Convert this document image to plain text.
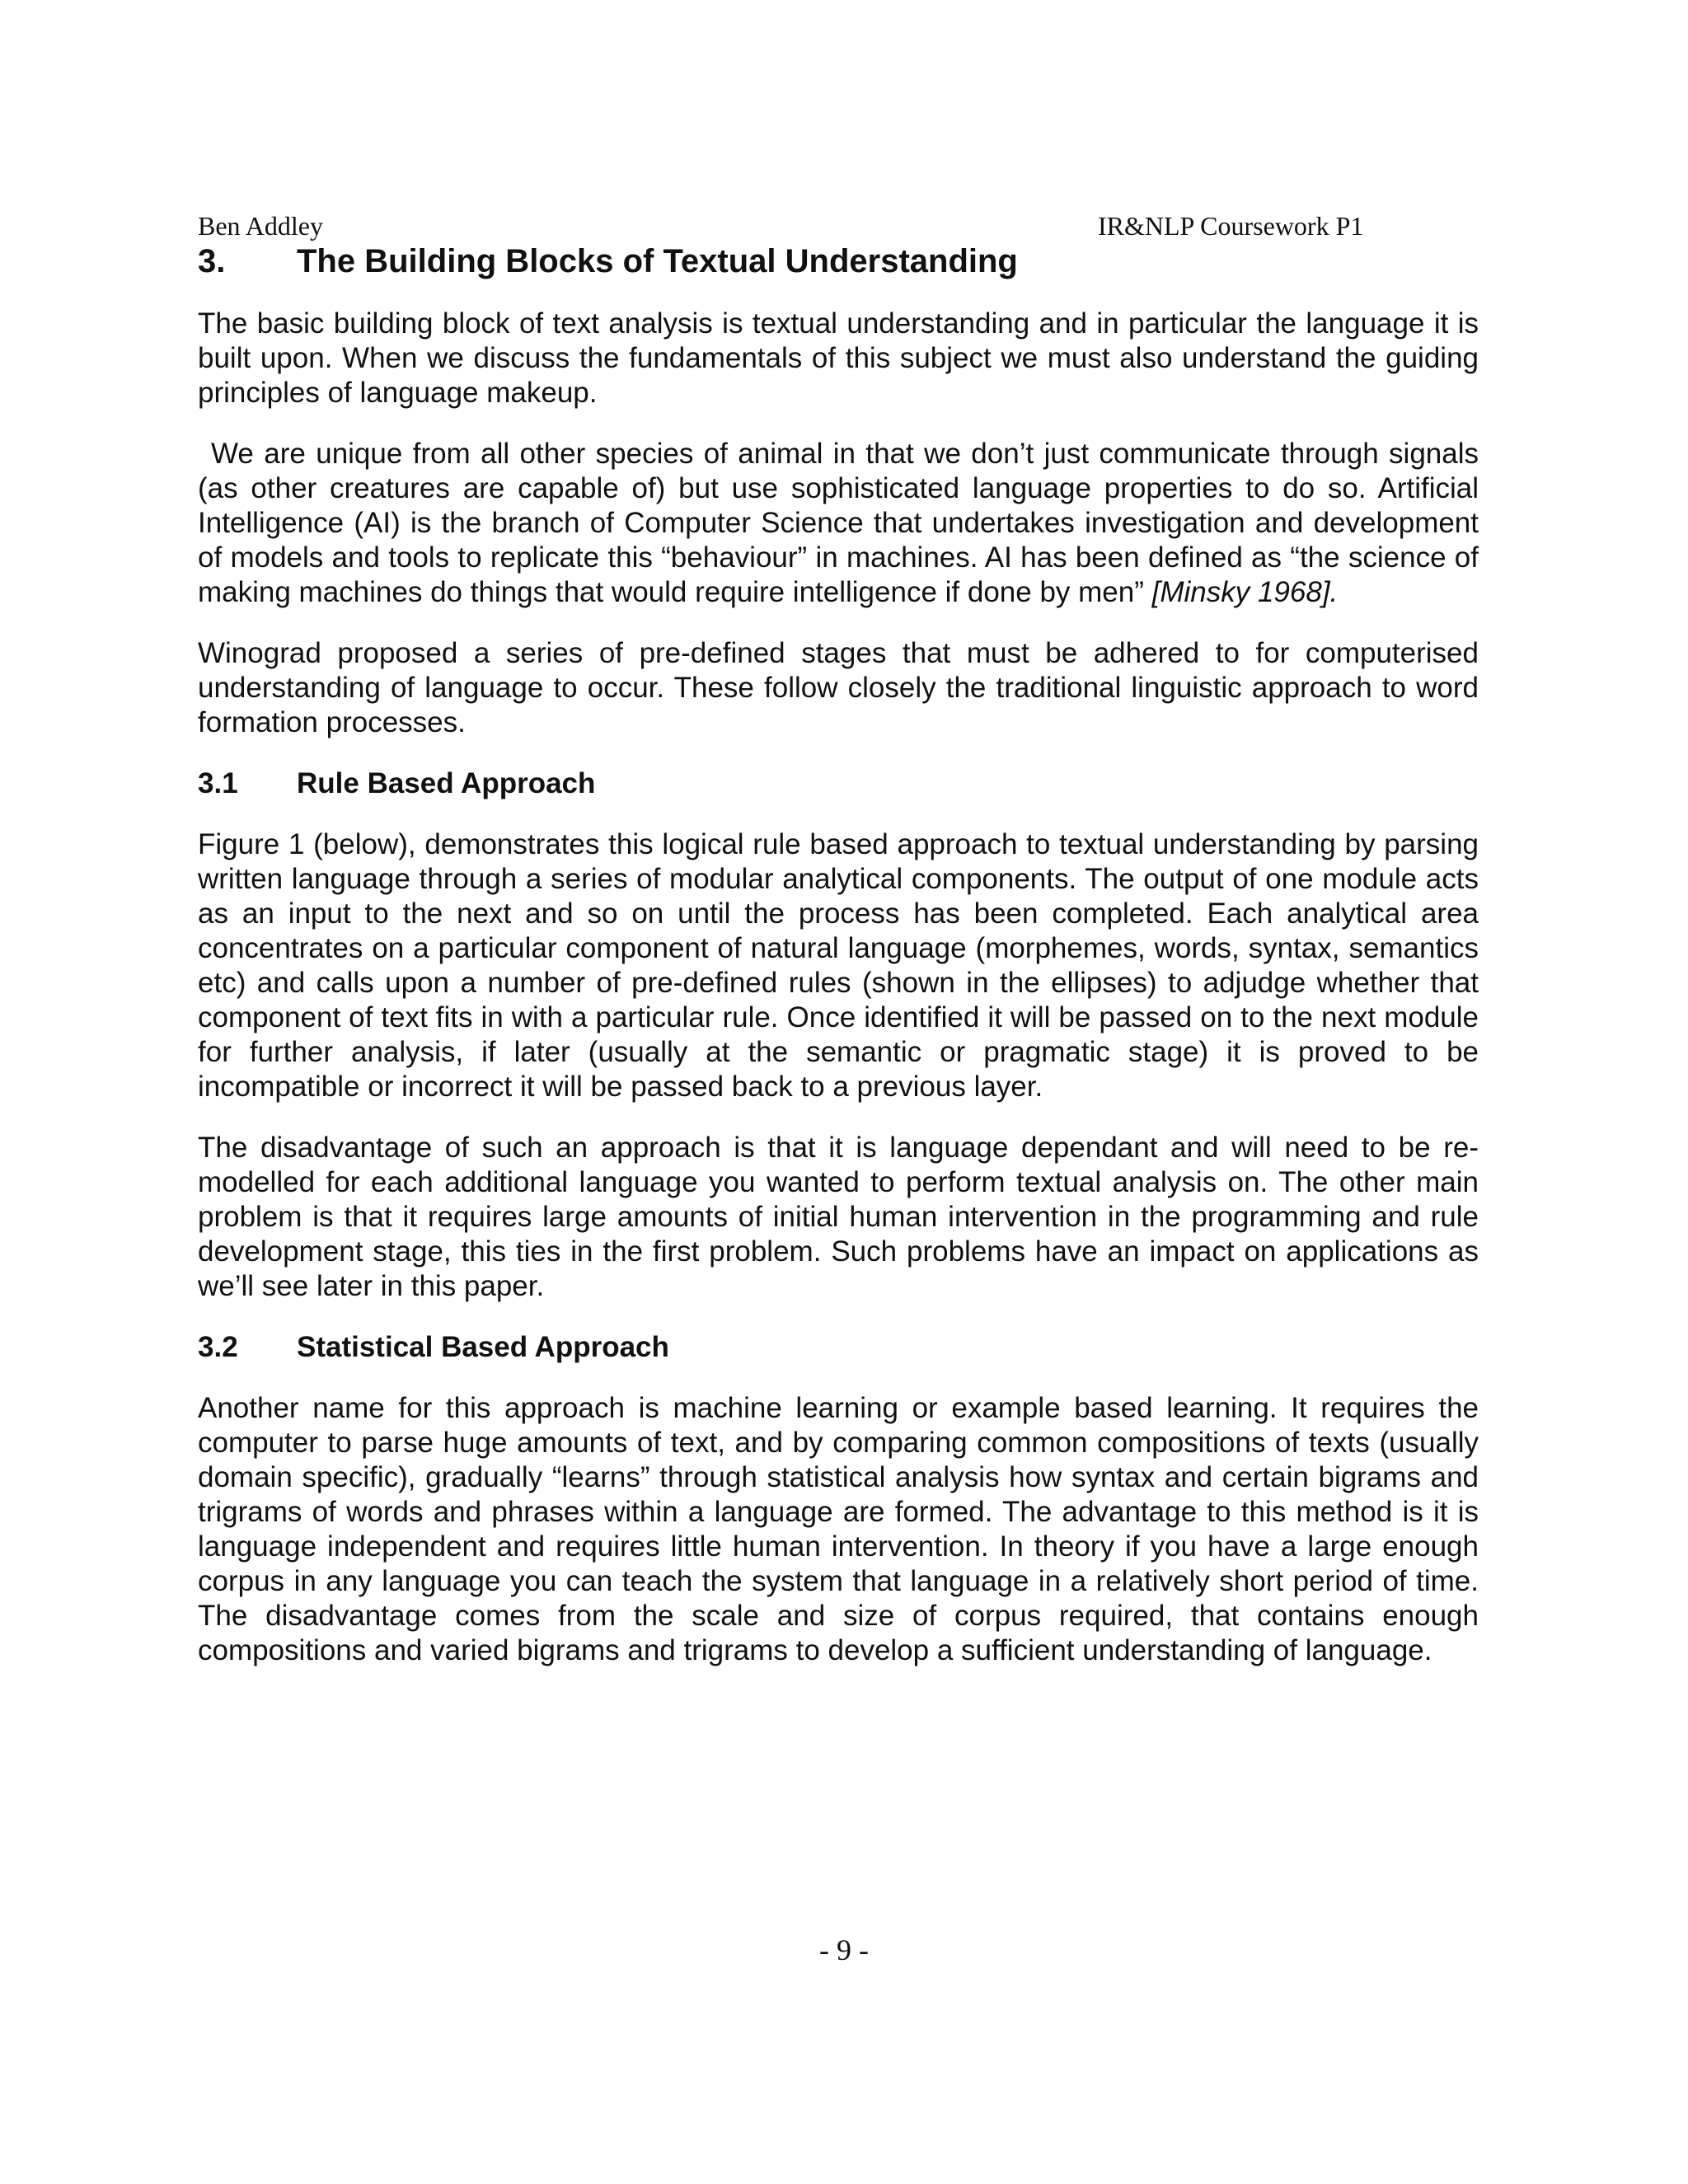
Ben Addley	IR&NLP Coursework P1
3. The Building Blocks of Textual Understanding

The basic building block of text analysis is textual understanding and in particular the language it is built upon. When we discuss the fundamentals of this subject we must also understand the guiding principles of language makeup.

We are unique from all other species of animal in that we don’t just communicate through signals (as other creatures are capable of) but use sophisticated language properties to do so. Artificial Intelligence (AI) is the branch of Computer Science that undertakes investigation and development of models and tools to replicate this “behaviour” in machines. AI has been defined as “the science of making machines do things that would require intelligence if done by men” [Minsky 1968].

Winograd proposed a series of pre-defined stages that must be adhered to for computerised understanding of language to occur. These follow closely the traditional linguistic approach to word formation processes.

3.1 Rule Based Approach

Figure 1 (below), demonstrates this logical rule based approach to textual understanding by parsing written language through a series of modular analytical components. The output of one module acts as an input to the next and so on until the process has been completed. Each analytical area concentrates on a particular component of natural language (morphemes, words, syntax, semantics etc) and calls upon a number of pre-defined rules (shown in the ellipses) to adjudge whether that component of text fits in with a particular rule. Once identified it will be passed on to the next module for further analysis, if later (usually at the semantic or pragmatic stage) it is proved to be incompatible or incorrect it will be passed back to a previous layer.

The disadvantage of such an approach is that it is language dependant and will need to be re-modelled for each additional language you wanted to perform textual analysis on. The other main problem is that it requires large amounts of initial human intervention in the programming and rule development stage, this ties in the first problem. Such problems have an impact on applications as we’ll see later in this paper.

3.2 Statistical Based Approach

Another name for this approach is machine learning or example based learning. It requires the computer to parse huge amounts of text, and by comparing common compositions of texts (usually domain specific), gradually “learns” through statistical analysis how syntax and certain bigrams and trigrams of words and phrases within a language are formed. The advantage to this method is it is language independent and requires little human intervention. In theory if you have a large enough corpus in any language you can teach the system that language in a relatively short period of time. The disadvantage comes from the scale and size of corpus required, that contains enough compositions and varied bigrams and trigrams to develop a sufficient understanding of language.

- 9 -
